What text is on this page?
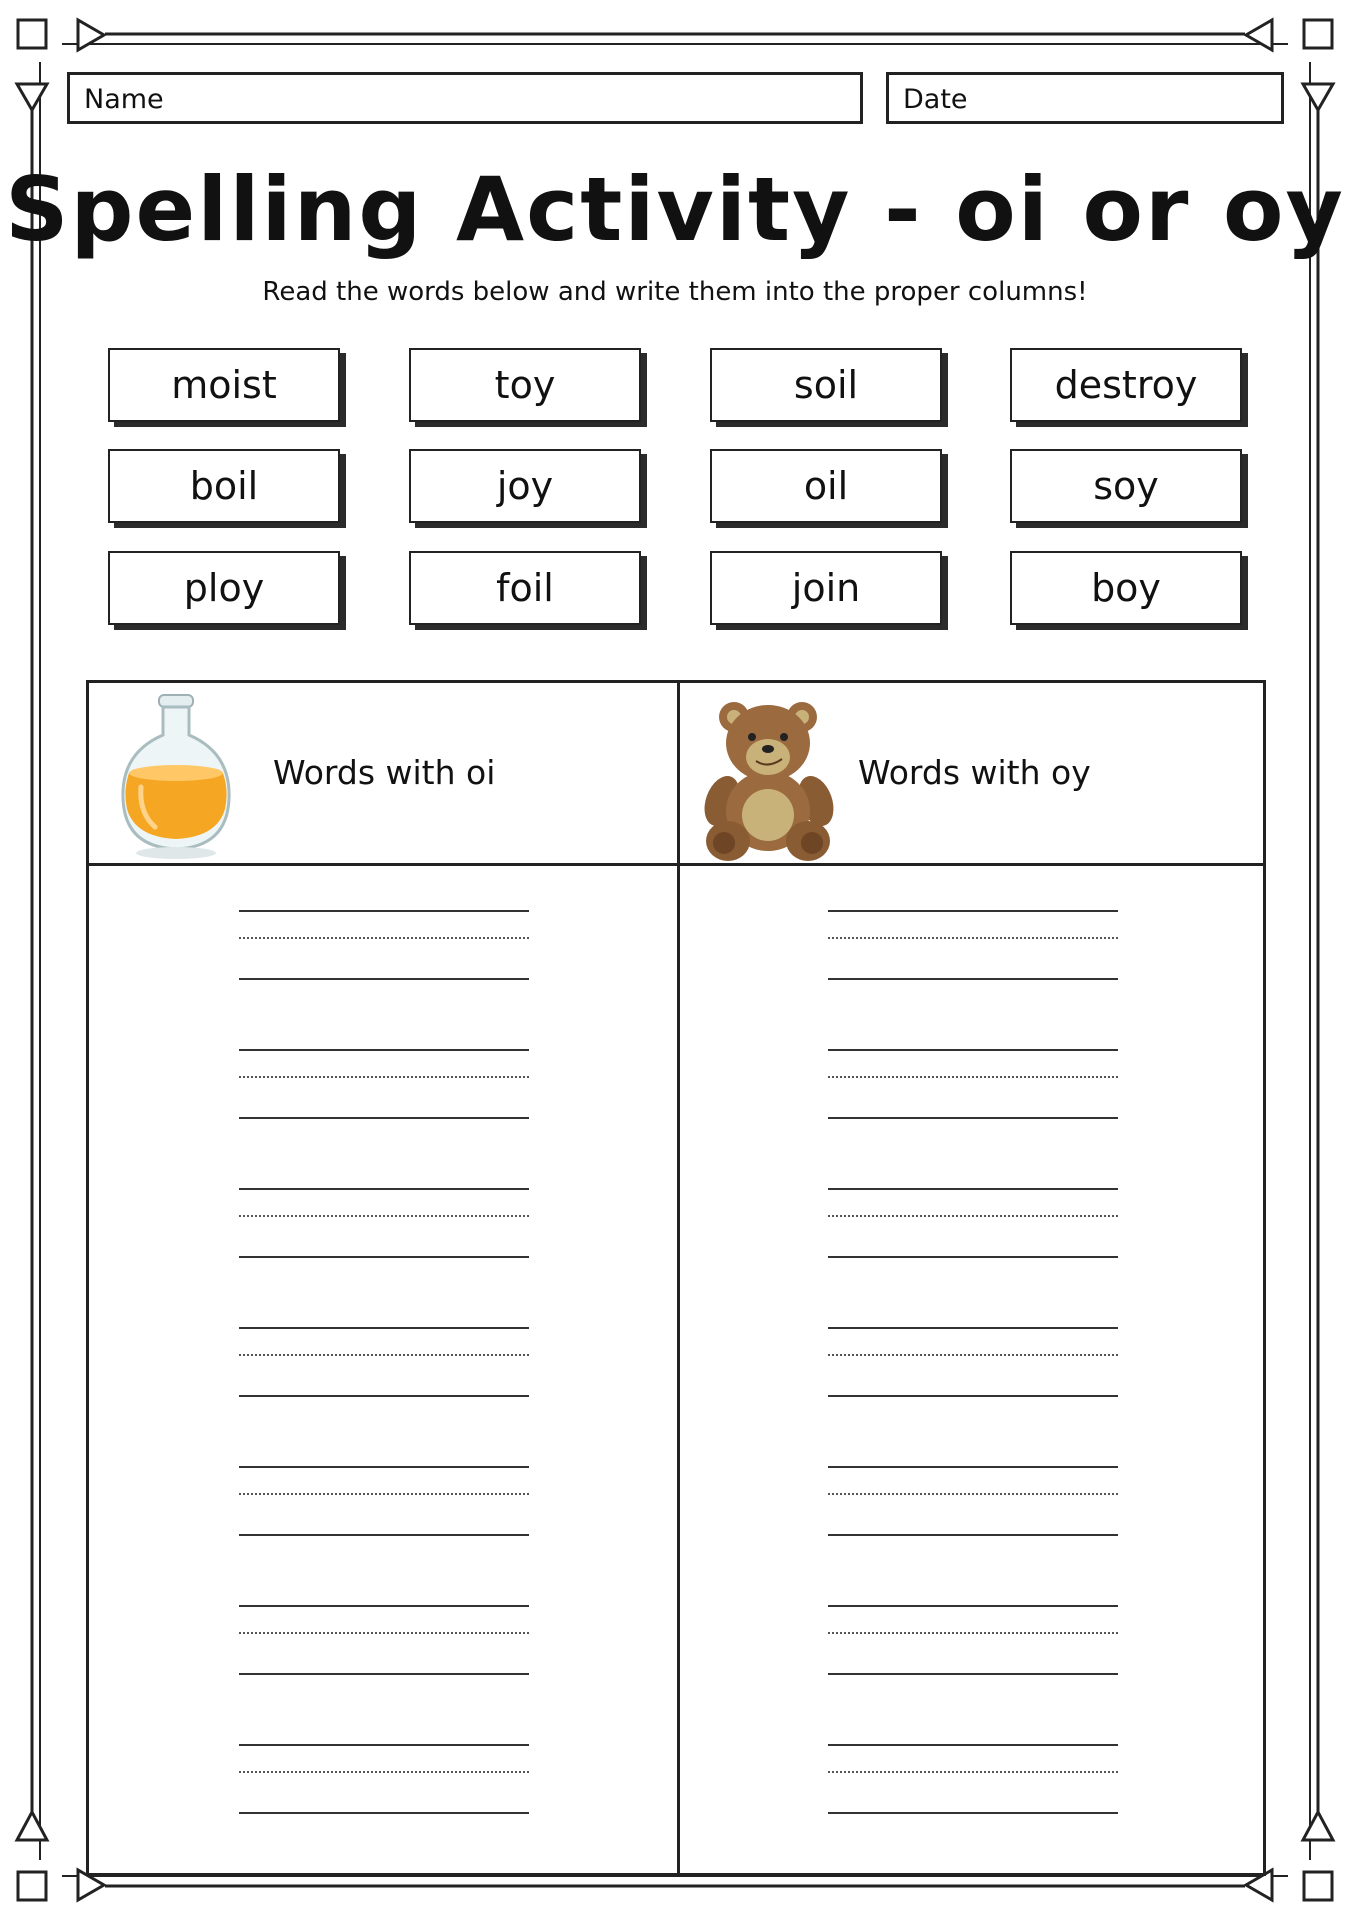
Name	Date
Spelling Activity - oi or oy
Read the words below and write them into the proper columns!
moist	toy	soil	destroy
boil	joy	oil	soy
ploy	foil	join	boy
Words with oi	Words with oy
